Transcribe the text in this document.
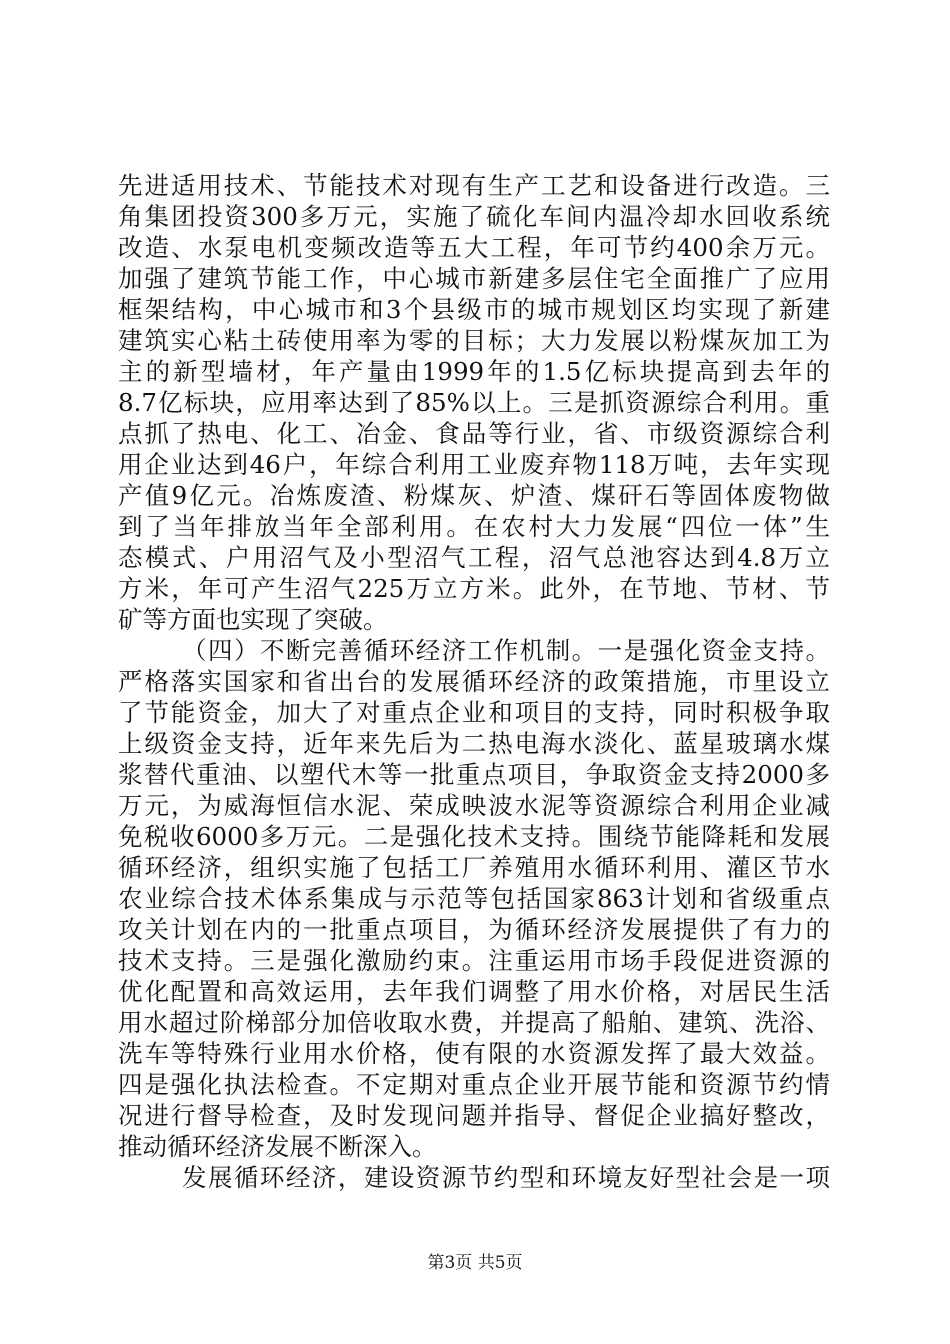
先进适用技术、节能技术对现有生产工艺和设备进行改造。三
角集团投资300多万元，实施了硫化车间内温冷却水回收系统
改造、水泵电机变频改造等五大工程，年可节约400余万元。
加强了建筑节能工作，中心城市新建多层住宅全面推广了应用
框架结构，中心城市和3个县级市的城市规划区均实现了新建
建筑实心粘土砖使用率为零的目标；大力发展以粉煤灰加工为
主的新型墙材，年产量由1999年的1.5亿标块提高到去年的
8.7亿标块，应用率达到了85%以上。三是抓资源综合利用。重
点抓了热电、化工、冶金、食品等行业，省、市级资源综合利
用企业达到46户，年综合利用工业废弃物118万吨，去年实现
产值9亿元。冶炼废渣、粉煤灰、炉渣、煤矸石等固体废物做
到了当年排放当年全部利用。在农村大力发展“四位一体”生
态模式、户用沼气及小型沼气工程，沼气总池容达到4.8万立
方米，年可产生沼气225万立方米。此外，在节地、节材、节
矿等方面也实现了突破。
（四）不断完善循环经济工作机制。一是强化资金支持。
严格落实国家和省出台的发展循环经济的政策措施，市里设立
了节能资金，加大了对重点企业和项目的支持，同时积极争取
上级资金支持，近年来先后为二热电海水淡化、蓝星玻璃水煤
浆替代重油、以塑代木等一批重点项目，争取资金支持2000多
万元，为威海恒信水泥、荣成映波水泥等资源综合利用企业减
免税收6000多万元。二是强化技术支持。围绕节能降耗和发展
循环经济，组织实施了包括工厂养殖用水循环利用、灌区节水
农业综合技术体系集成与示范等包括国家863计划和省级重点
攻关计划在内的一批重点项目，为循环经济发展提供了有力的
技术支持。三是强化激励约束。注重运用市场手段促进资源的
优化配置和高效运用，去年我们调整了用水价格，对居民生活
用水超过阶梯部分加倍收取水费，并提高了船舶、建筑、洗浴、
洗车等特殊行业用水价格，使有限的水资源发挥了最大效益。
四是强化执法检查。不定期对重点企业开展节能和资源节约情
况进行督导检查，及时发现问题并指导、督促企业搞好整改，
推动循环经济发展不断深入。
发展循环经济，建设资源节约型和环境友好型社会是一项
第3页 共5页
